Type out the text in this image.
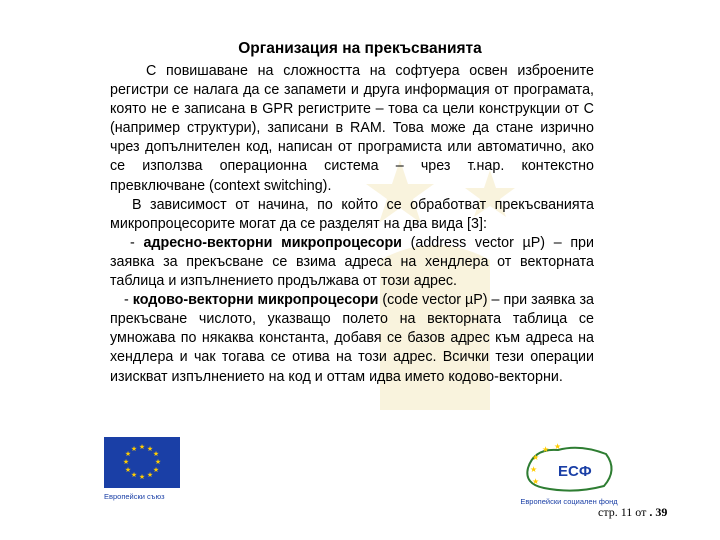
Организация на прекъсванията

С повишаване на сложността на софтуера освен изброените регистри се налага да се запамети и друга информация от програмата, която не е записана в GPR регистрите – това са цели конструкции от С (например структури), записани в RAM. Това може да стане изрично чрез допълнителен код, написан от програмиста или автоматично, ако се използва операционна система – чрез т.нар. контекстно превключване (context switching).

В зависимост от начина, по който се обработват прекъсванията микропроцесорите могат да се разделят на два вида [3]:

- адресно-векторни микропроцесори (address vector µP) – при заявка за прекъсване се взима адреса на хендлера от векторната таблица и изпълнението продължава от този адрес.

- кодово-векторни микропроцесори (code vector µP) – при заявка за прекъсване числото, указващо полето на векторната таблица се умножава по някаква константа, добавя се базов адрес към адреса на хендлера и чак тогава се отива на този адрес. Всички тези операции изискват изпълнението на код и оттам идва името кодово-векторни.

★ ★
★
★
★
★
★
★
★
★
★
★
Европейски съюз
★
★ ★
★
★
ЕСФ
Европейски социален фонд
стр. 11 от . 39
